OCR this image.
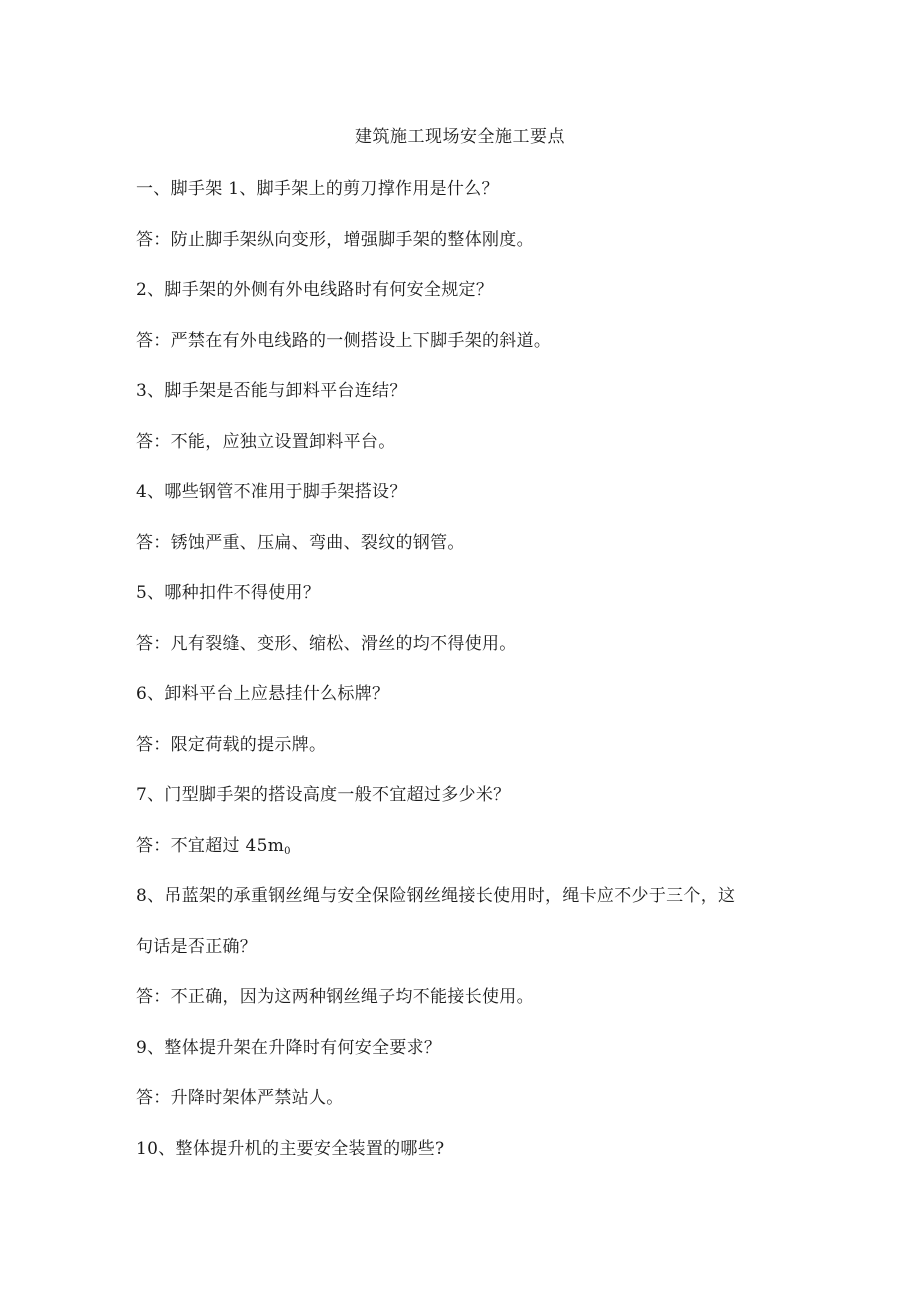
建筑施工现场安全施工要点
一、脚手架 1、脚手架上的剪刀撑作用是什么？
答：防止脚手架纵向变形，增强脚手架的整体刚度。
2、脚手架的外侧有外电线路时有何安全规定？
答：严禁在有外电线路的一侧搭设上下脚手架的斜道。
3、脚手架是否能与卸料平台连结？
答：不能，应独立设置卸料平台。
4、哪些钢管不准用于脚手架搭设？
答：锈蚀严重、压扁、弯曲、裂纹的钢管。
5、哪种扣件不得使用？
答：凡有裂缝、变形、缩松、滑丝的均不得使用。
6、卸料平台上应悬挂什么标牌？
答：限定荷载的提示牌。
7、门型脚手架的搭设高度一般不宜超过多少米？
答：不宜超过 $45m_0$
8、吊蓝架的承重钢丝绳与安全保险钢丝绳接长使用时，绳卡应不少于三个，这
句话是否正确？
答：不正确，因为这两种钢丝绳子均不能接长使用。
9、整体提升架在升降时有何安全要求？
答：升降时架体严禁站人。
10、整体提升机的主要安全装置的哪些?
